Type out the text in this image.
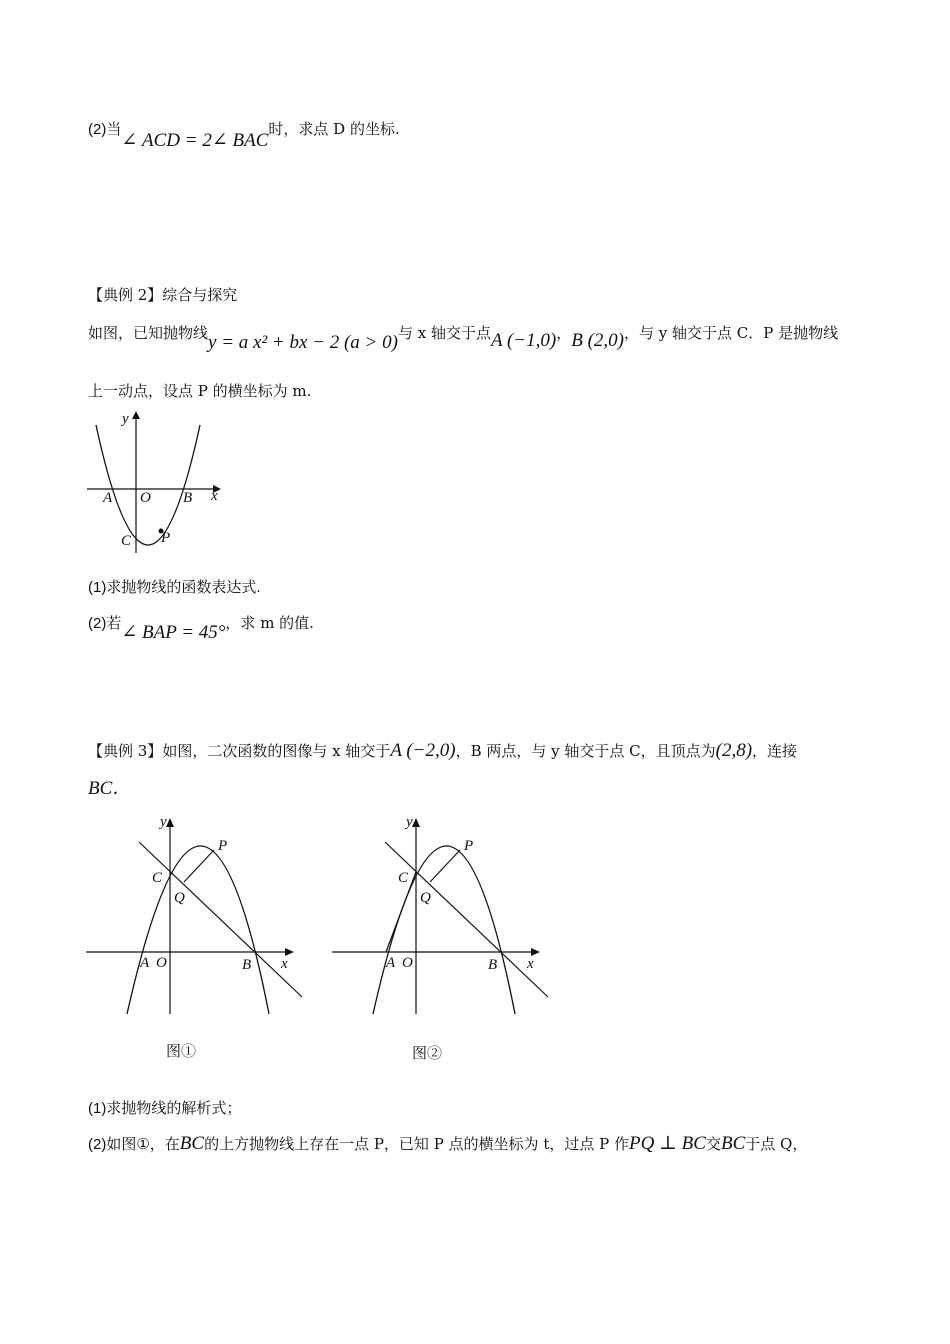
(2)当∠ ACD = 2∠ BAC时，求点 D 的坐标.
【典例 2】综合与探究
如图，已知抛物线y = a x² + bx − 2 (a > 0)与 x 轴交于点A (−1,0)，B (2,0)，与 y 轴交于点 C．P 是抛物线
上一动点，设点 P 的横坐标为 m.
y
x
A O B
C P
(1)求抛物线的函数表达式.
(2)若∠ BAP = 45°，求 m 的值.
【典例 3】如图，二次函数的图像与 x 轴交于A (−2,0)，B 两点，与 y 轴交于点 C，且顶点为(2,8)，连接
BC．
y
P
C
Q
A O	B x
y
P
C
Q
A O	B x
图①	图②
(1)求抛物线的解析式；
(2)如图①，在BC的上方抛物线上存在一点 P，已知 P 点的横坐标为 t，过点 P 作PQ ⊥ BC交BC于点 Q，
